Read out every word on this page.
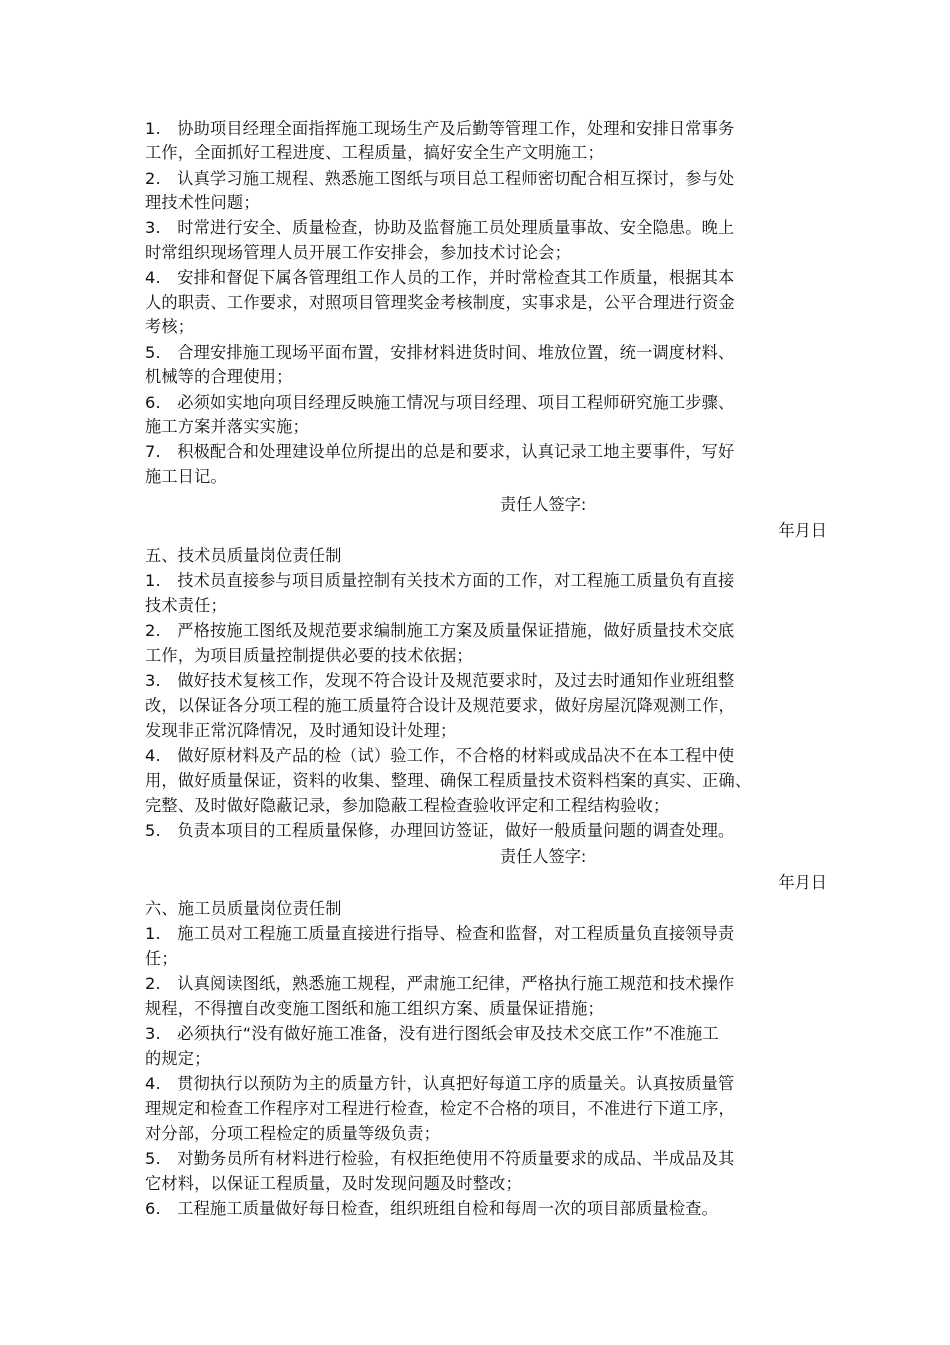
1.　协助项目经理全面指挥施工现场生产及后勤等管理工作，处理和安排日常事务
工作，全面抓好工程进度、工程质量，搞好安全生产文明施工；
2.　认真学习施工规程、熟悉施工图纸与项目总工程师密切配合相互探讨，参与处
理技术性问题；
3.　时常进行安全、质量检查，协助及监督施工员处理质量事故、安全隐患。晚上
时常组织现场管理人员开展工作安排会，参加技术讨论会；
4.　安排和督促下属各管理组工作人员的工作，并时常检查其工作质量，根据其本
人的职责、工作要求，对照项目管理奖金考核制度，实事求是，公平合理进行资金
考核；
5.　合理安排施工现场平面布置，安排材料进货时间、堆放位置，统一调度材料、
机械等的合理使用；
6.　必须如实地向项目经理反映施工情况与项目经理、项目工程师研究施工步骤、
施工方案并落实实施；
7.　积极配合和处理建设单位所提出的总是和要求，认真记录工地主要事件，写好
施工日记。
责任人签字:
年月日
五、技术员质量岗位责任制
1.　技术员直接参与项目质量控制有关技术方面的工作，对工程施工质量负有直接
技术责任；
2.　严格按施工图纸及规范要求编制施工方案及质量保证措施，做好质量技术交底
工作，为项目质量控制提供必要的技术依据；
3.　做好技术复核工作，发现不符合设计及规范要求时，及过去时通知作业班组整
改，以保证各分项工程的施工质量符合设计及规范要求，做好房屋沉降观测工作，
发现非正常沉降情况，及时通知设计处理；
4.　做好原材料及产品的检（试）验工作，不合格的材料或成品决不在本工程中使
用，做好质量保证，资料的收集、整理、确保工程质量技术资料档案的真实、正确、
完整、及时做好隐蔽记录，参加隐蔽工程检查验收评定和工程结构验收；
5.　负责本项目的工程质量保修，办理回访签证，做好一般质量问题的调查处理。
责任人签字:
年月日
六、施工员质量岗位责任制
1.　施工员对工程施工质量直接进行指导、检查和监督，对工程质量负直接领导责
任；
2.　认真阅读图纸，熟悉施工规程，严肃施工纪律，严格执行施工规范和技术操作
规程，不得擅自改变施工图纸和施工组织方案、质量保证措施；
3.　必须执行“没有做好施工准备，没有进行图纸会审及技术交底工作”不准施工
的规定；
4.　贯彻执行以预防为主的质量方针，认真把好每道工序的质量关。认真按质量管
理规定和检查工作程序对工程进行检查，检定不合格的项目，不准进行下道工序，
对分部，分项工程检定的质量等级负责；
5.　对勤务员所有材料进行检验，有权拒绝使用不符质量要求的成品、半成品及其
它材料，以保证工程质量，及时发现问题及时整改；
6.　工程施工质量做好每日检查，组织班组自检和每周一次的项目部质量检查。
